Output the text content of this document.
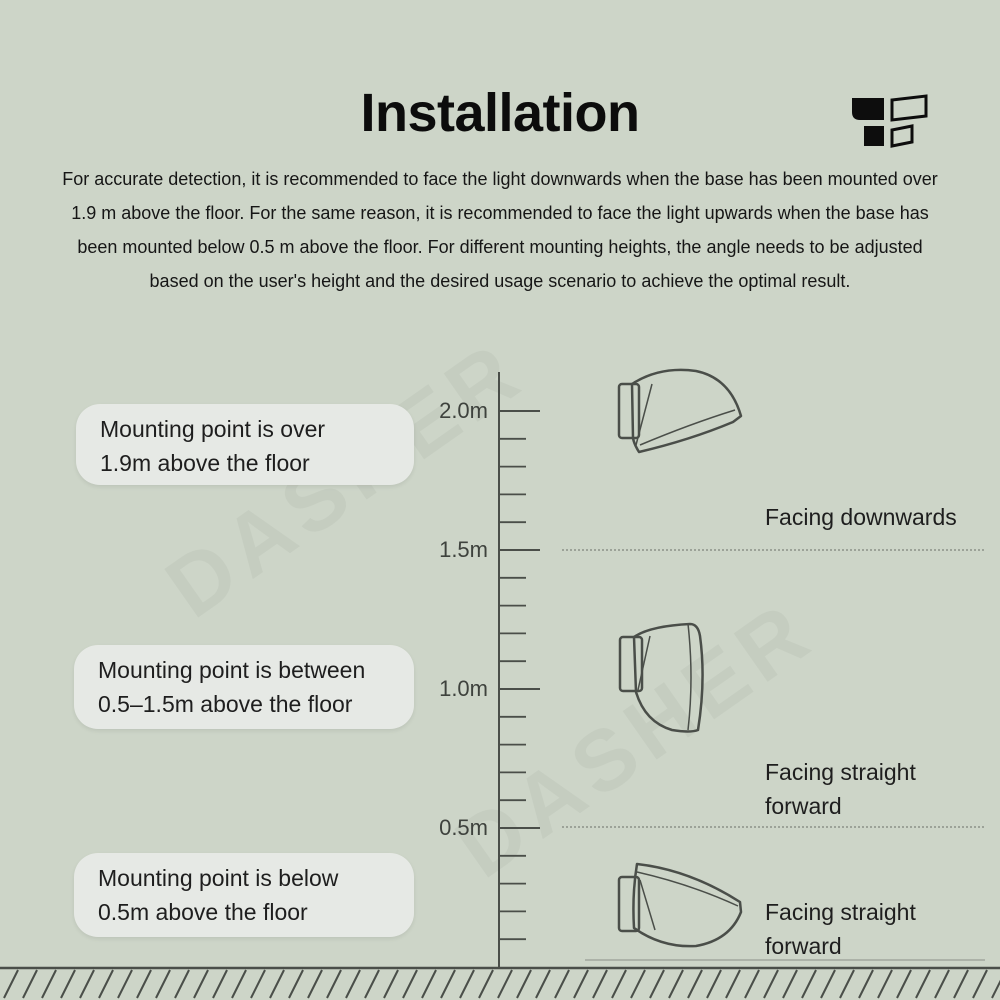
Installation
For accurate detection, it is recommended to face the light downwards when the base has been mounted over 1.9 m above the floor. For the same reason, it is recommended to face the light upwards when the base has been mounted below 0.5 m above the floor. For different mounting heights, the angle needs to be adjusted based on the user's height and the desired usage scenario to achieve the optimal result.
2.0m
1.5m
1.0m
0.5m
Mounting point is over
1.9m above the floor
Mounting point is between
0.5–1.5m above the floor
Mounting point is below
0.5m above the floor
Facing downwards
Facing straight
forward
Facing straight
forward
